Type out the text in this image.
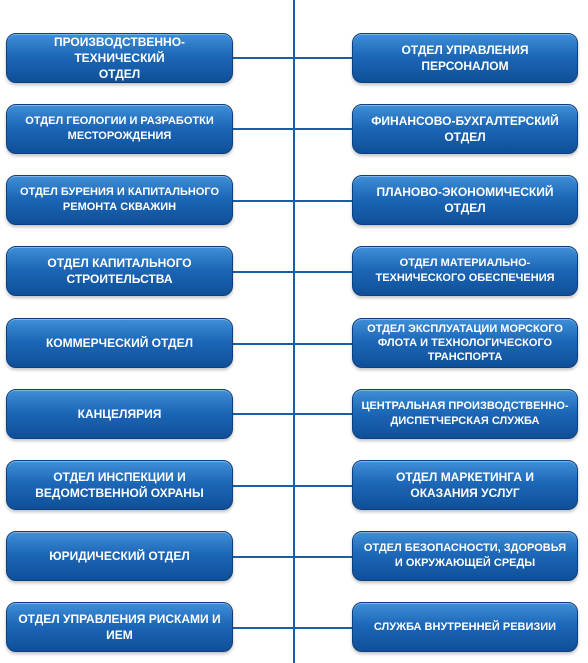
ПРОИЗВОДСТВЕННО-ТЕХНИЧЕСКИЙ
ОТДЕЛ
ОТДЕЛ ГЕОЛОГИИ И РАЗРАБОТКИ
МЕСТОРОЖДЕНИЯ
ОТДЕЛ БУРЕНИЯ И КАПИТАЛЬНОГО
РЕМОНТА СКВАЖИН
ОТДЕЛ КАПИТАЛЬНОГО
СТРОИТЕЛЬСТВА
КОММЕРЧЕСКИЙ ОТДЕЛ
КАНЦЕЛЯРИЯ
ОТДЕЛ ИНСПЕКЦИИ И
ВЕДОМСТВЕННОЙ ОХРАНЫ
ЮРИДИЧЕСКИЙ ОТДЕЛ
ОТДЕЛ УПРАВЛЕНИЯ РИСКАМИ И
ИЕМ
ОТДЕЛ УПРАВЛЕНИЯ
ПЕРСОНАЛОМ
ФИНАНСОВО-БУХГАЛТЕРСКИЙ
ОТДЕЛ
ПЛАНОВО-ЭКОНОМИЧЕСКИЙ
ОТДЕЛ
ОТДЕЛ МАТЕРИАЛЬНО-
ТЕХНИЧЕСКОГО ОБЕСПЕЧЕНИЯ
ОТДЕЛ ЭКСПЛУАТАЦИИ МОРСКОГО
ФЛОТА И ТЕХНОЛОГИЧЕСКОГО
ТРАНСПОРТА
ЦЕНТРАЛЬНАЯ ПРОИЗВОДСТВЕННО-
ДИСПЕТЧЕРСКАЯ СЛУЖБА
ОТДЕЛ МАРКЕТИНГА И
ОКАЗАНИЯ УСЛУГ
ОТДЕЛ БЕЗОПАСНОСТИ, ЗДОРОВЬЯ
И ОКРУЖАЮЩЕЙ СРЕДЫ
СЛУЖБА ВНУТРЕННЕЙ РЕВИЗИИ
